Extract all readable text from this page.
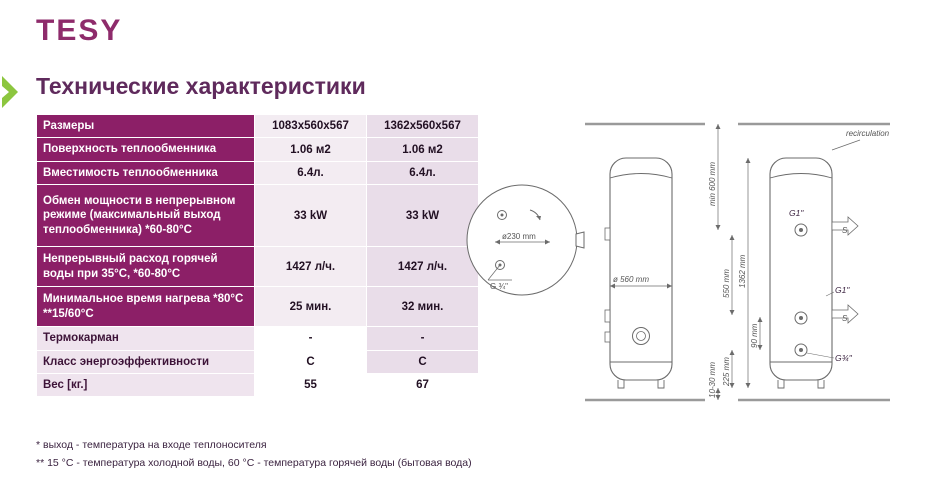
TESY
Технические характеристики
Размеры	1083x560x567	1362x560x567
Поверхность теплообменника	1.06 м2	1.06 м2
Вместимость теплообменника	6.4л.	6.4л.
Обмен мощности в непрерывном режиме (максимальный выход теплообменника) *60-80°C	33 kW	33 kW
Непрерывный расход горячей воды при 35°C, *60-80°C	1427 л/ч.	1427 л/ч.
Минимальное время нагрева *80°C **15/60°C	25 мин.	32 мин.
Термокарман	-	-
Класс энергоэффективности	C	C
Вес [кг.]	55	67
* выход - температура на входе теплоносителя
** 15 °C - температура холодной воды, 60 °C - температура горячей воды (бытовая вода)
ø230 mm
G ¾"
ø 560 mm
recirculation
S
G1"
S
G1"
G¾"
min 600 mm
1362 mm
550 mm
90 mm
225 mm
10-30 mm
